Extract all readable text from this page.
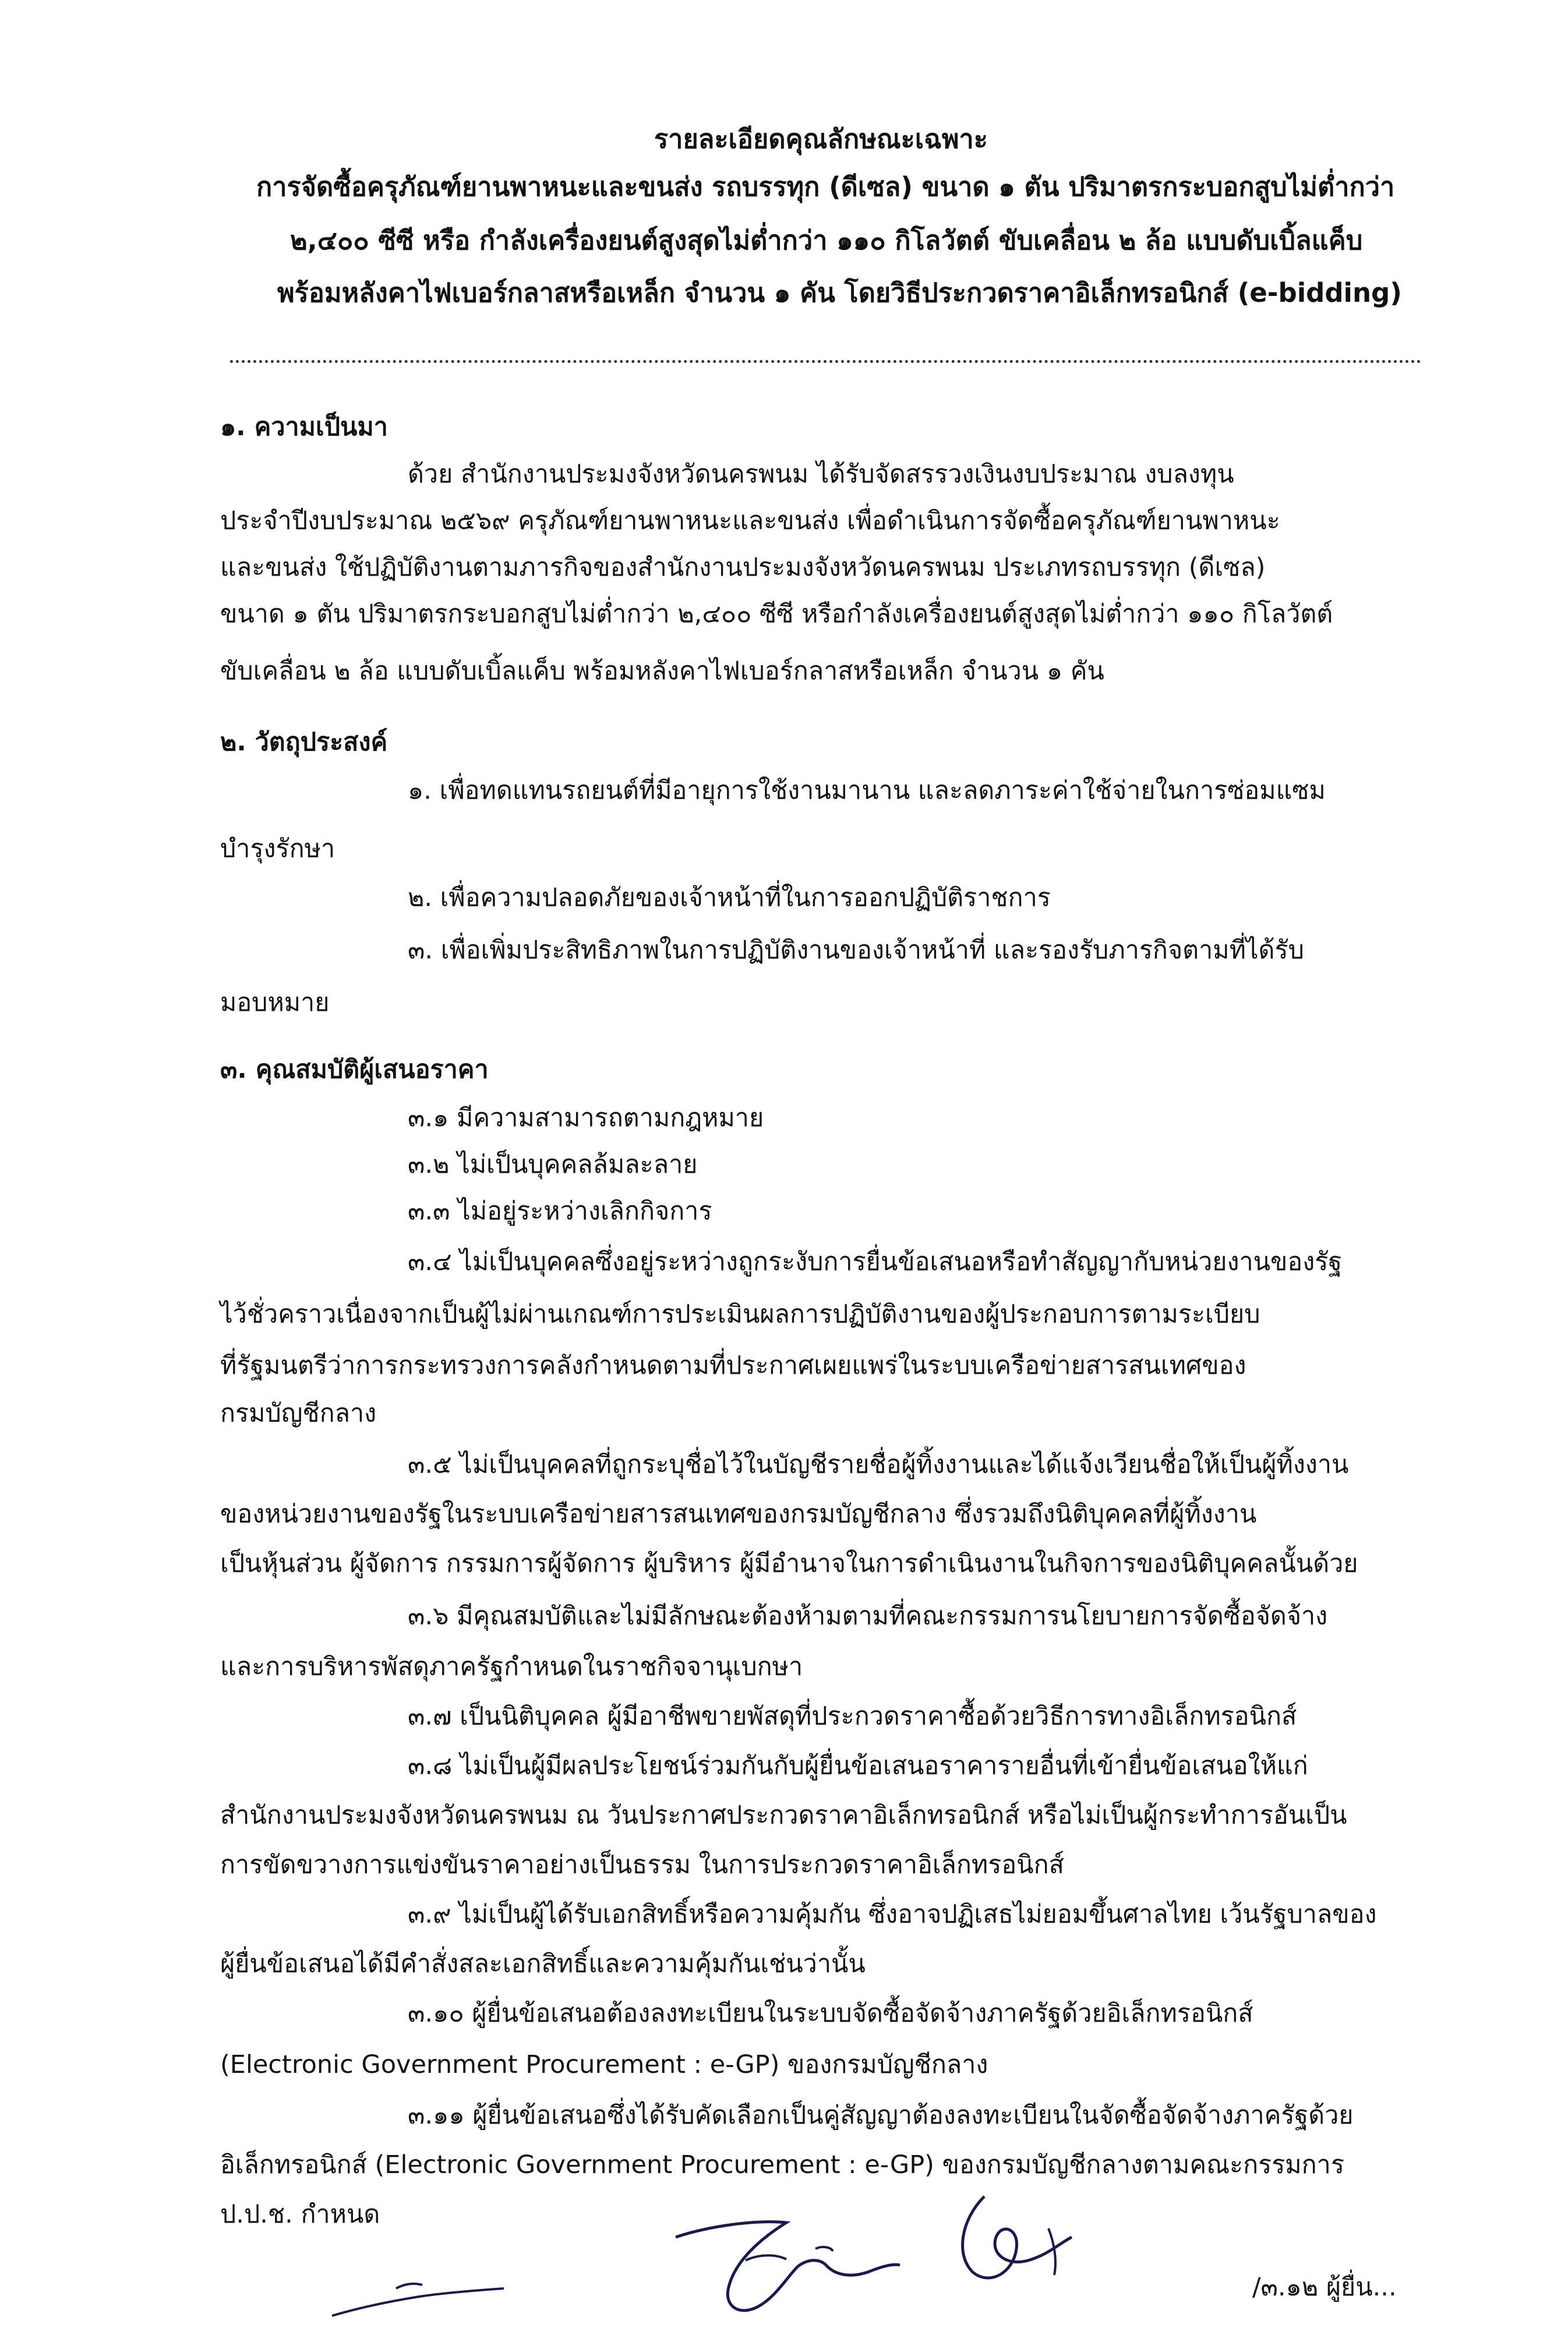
รายละเอียดคุณลักษณะเฉพาะ
การจัดซื้อครุภัณฑ์ยานพาหนะและขนส่ง รถบรรทุก (ดีเซล) ขนาด ๑ ตัน ปริมาตรกระบอกสูบไม่ต่ำกว่า
๒,๔๐๐ ซีซี หรือ กำลังเครื่องยนต์สูงสุดไม่ต่ำกว่า ๑๑๐ กิโลวัตต์ ขับเคลื่อน ๒ ล้อ แบบดับเบิ้ลแค็บ
พร้อมหลังคาไฟเบอร์กลาสหรือเหล็ก จำนวน ๑ คัน โดยวิธีประกวดราคาอิเล็กทรอนิกส์ (e-bidding)
๑. ความเป็นมา
ด้วย สำนักงานประมงจังหวัดนครพนม ได้รับจัดสรรวงเงินงบประมาณ งบลงทุน
ประจำปีงบประมาณ ๒๕๖๙ ครุภัณฑ์ยานพาหนะและขนส่ง เพื่อดำเนินการจัดซื้อครุภัณฑ์ยานพาหนะ
และขนส่ง ใช้ปฏิบัติงานตามภารกิจของสำนักงานประมงจังหวัดนครพนม ประเภทรถบรรทุก (ดีเซล)
ขนาด ๑ ตัน ปริมาตรกระบอกสูบไม่ต่ำกว่า ๒,๔๐๐ ซีซี หรือกำลังเครื่องยนต์สูงสุดไม่ต่ำกว่า ๑๑๐ กิโลวัตต์
ขับเคลื่อน ๒ ล้อ แบบดับเบิ้ลแค็บ พร้อมหลังคาไฟเบอร์กลาสหรือเหล็ก จำนวน ๑ คัน
๒. วัตถุประสงค์
๑. เพื่อทดแทนรถยนต์ที่มีอายุการใช้งานมานาน และลดภาระค่าใช้จ่ายในการซ่อมแซม
บำรุงรักษา
๒. เพื่อความปลอดภัยของเจ้าหน้าที่ในการออกปฏิบัติราชการ
๓. เพื่อเพิ่มประสิทธิภาพในการปฏิบัติงานของเจ้าหน้าที่ และรองรับภารกิจตามที่ได้รับ
มอบหมาย
๓. คุณสมบัติผู้เสนอราคา
๓.๑ มีความสามารถตามกฎหมาย
๓.๒ ไม่เป็นบุคคลล้มละลาย
๓.๓ ไม่อยู่ระหว่างเลิกกิจการ
๓.๔ ไม่เป็นบุคคลซึ่งอยู่ระหว่างถูกระงับการยื่นข้อเสนอหรือทำสัญญากับหน่วยงานของรัฐ
ไว้ชั่วคราวเนื่องจากเป็นผู้ไม่ผ่านเกณฑ์การประเมินผลการปฏิบัติงานของผู้ประกอบการตามระเบียบ
ที่รัฐมนตรีว่าการกระทรวงการคลังกำหนดตามที่ประกาศเผยแพร่ในระบบเครือข่ายสารสนเทศของ
กรมบัญชีกลาง
๓.๕ ไม่เป็นบุคคลที่ถูกระบุชื่อไว้ในบัญชีรายชื่อผู้ทิ้งงานและได้แจ้งเวียนชื่อให้เป็นผู้ทิ้งงาน
ของหน่วยงานของรัฐในระบบเครือข่ายสารสนเทศของกรมบัญชีกลาง ซึ่งรวมถึงนิติบุคคลที่ผู้ทิ้งงาน
เป็นหุ้นส่วน ผู้จัดการ กรรมการผู้จัดการ ผู้บริหาร ผู้มีอำนาจในการดำเนินงานในกิจการของนิติบุคคลนั้นด้วย
๓.๖ มีคุณสมบัติและไม่มีลักษณะต้องห้ามตามที่คณะกรรมการนโยบายการจัดซื้อจัดจ้าง
และการบริหารพัสดุภาครัฐกำหนดในราชกิจจานุเบกษา
๓.๗ เป็นนิติบุคคล ผู้มีอาชีพขายพัสดุที่ประกวดราคาซื้อด้วยวิธีการทางอิเล็กทรอนิกส์
๓.๘ ไม่เป็นผู้มีผลประโยชน์ร่วมกันกับผู้ยื่นข้อเสนอราคารายอื่นที่เข้ายื่นข้อเสนอให้แก่
สำนักงานประมงจังหวัดนครพนม ณ วันประกาศประกวดราคาอิเล็กทรอนิกส์ หรือไม่เป็นผู้กระทำการอันเป็น
การขัดขวางการแข่งขันราคาอย่างเป็นธรรม ในการประกวดราคาอิเล็กทรอนิกส์
๓.๙ ไม่เป็นผู้ได้รับเอกสิทธิ์หรือความคุ้มกัน ซึ่งอาจปฏิเสธไม่ยอมขึ้นศาลไทย เว้นรัฐบาลของ
ผู้ยื่นข้อเสนอได้มีคำสั่งสละเอกสิทธิ์และความคุ้มกันเช่นว่านั้น
๓.๑๐ ผู้ยื่นข้อเสนอต้องลงทะเบียนในระบบจัดซื้อจัดจ้างภาครัฐด้วยอิเล็กทรอนิกส์
(Electronic Government Procurement : e-GP) ของกรมบัญชีกลาง
๓.๑๑ ผู้ยื่นข้อเสนอซึ่งได้รับคัดเลือกเป็นคู่สัญญาต้องลงทะเบียนในจัดซื้อจัดจ้างภาครัฐด้วย
อิเล็กทรอนิกส์ (Electronic Government Procurement : e-GP) ของกรมบัญชีกลางตามคณะกรรมการ
ป.ป.ช. กำหนด
/๓.๑๒ ผู้ยื่น...
